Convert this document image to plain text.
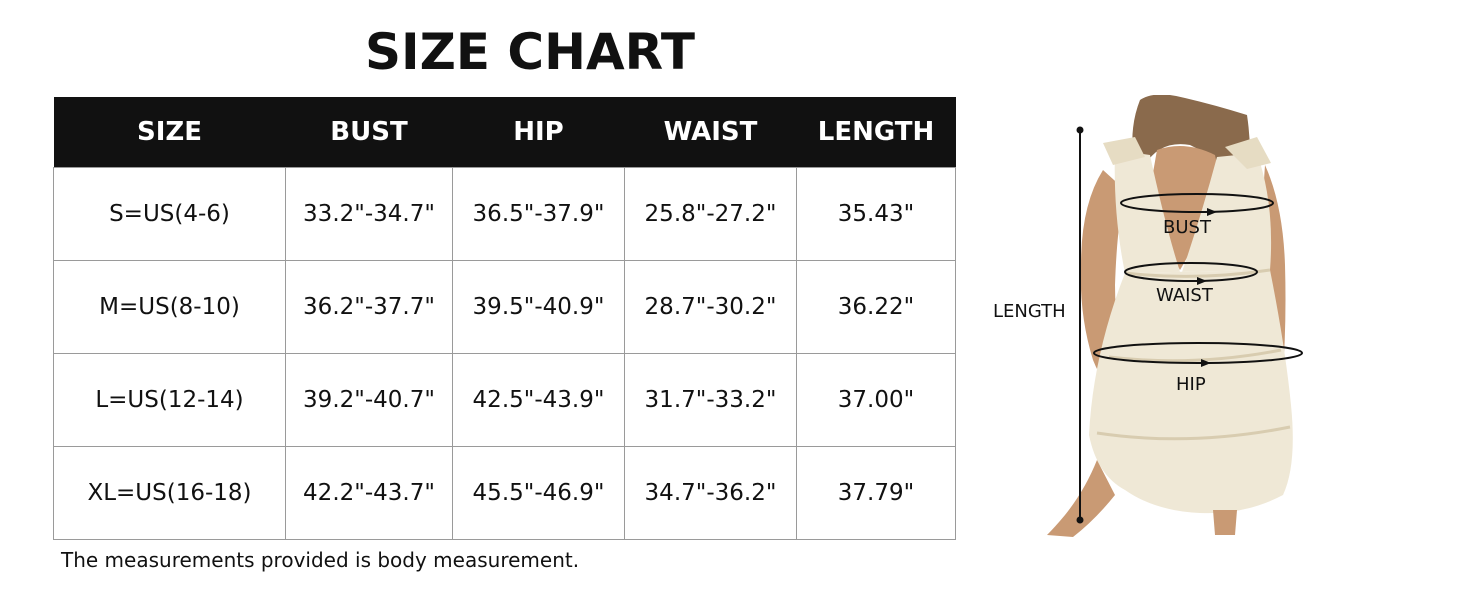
SIZE CHART
SIZE	BUST	HIP	WAIST	LENGTH
S=US(4-6)	33.2"-34.7"	36.5"-37.9"	25.8"-27.2"	35.43"
M=US(8-10)	36.2"-37.7"	39.5"-40.9"	28.7"-30.2"	36.22"
L=US(12-14)	39.2"-40.7"	42.5"-43.9"	31.7"-33.2"	37.00"
XL=US(16-18)	42.2"-43.7"	45.5"-46.9"	34.7"-36.2"	37.79"
The measurements provided is body measurement.
LENGTH
BUST
WAIST
HIP
